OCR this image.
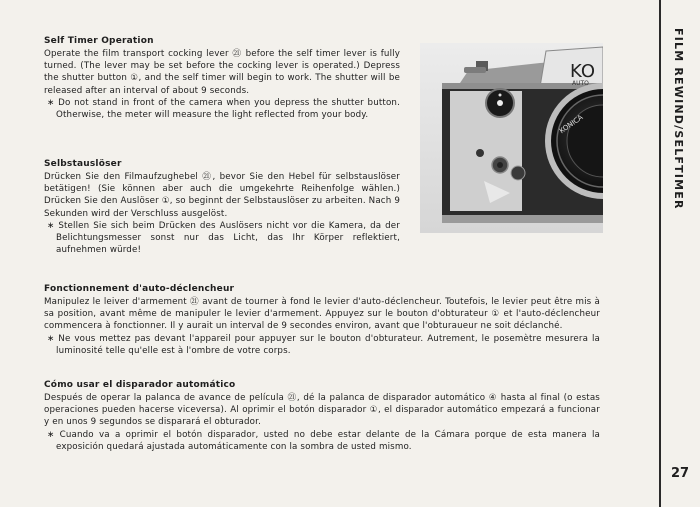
Self Timer Operation

Operate the film transport cocking lever ㉑ before the self timer lever is fully turned. (The lever may be set before the cocking lever is operated.) Depress the shutter button ①, and the self timer will begin to work. The shutter will be released after an interval of about 9 seconds.

∗ Do not stand in front of the camera when you depress the shutter button. Otherwise, the meter will measure the light reflected from your body.

Selbstauslöser

Drücken Sie den Filmaufzughebel ㉑, bevor Sie den Hebel für selbstauslöser betätigen! (Sie können aber auch die umgekehrte Reihenfolge wählen.) Drücken Sie den Auslöser ①, so beginnt der Selbstauslöser zu arbeiten. Nach 9 Sekunden wird der Verschluss ausgelöst.

∗ Stellen Sie sich beim Drücken des Auslösers nicht vor die Kamera, da der Belichtungsmesser sonst nur das Licht, das Ihr Körper reflektiert, aufnehmen würde!

Fonctionnement d'auto-déclencheur

Manipulez le leiver d'armement ㉑ avant de tourner à fond le levier d'auto-déclencheur. Toutefois, le levier peut être mis à sa position, avant même de manipuler le levier d'armement. Appuyez sur le bouton d'obturateur ① et l'auto-déclencheur commencera à fonctionner. Il y aurait un interval de 9 secondes environ, avant que l'obturaueur ne soit déclanché.

∗ Ne vous mettez pas devant l'appareil pour appuyer sur le bouton d'obturateur. Autrement, le posemètre mesurera la luminosité telle qu'elle est à l'ombre de votre corps.

Cómo usar el disparador automático

Después de operar la palanca de avance de película ㉑, dé la palanca de disparador automático ④ hasta al final (o estas operaciones pueden hacerse viceversa). Al oprimir el botón disparador ①, el disparador automático empezará a funcionar y en unos 9 segundos se disparará el obturador.

∗ Cuando va a oprimir el botón disparador, usted no debe estar delante de la Cámara porque de esta manera la exposición quedará ajustada automáticamente con la sombra de usted mismo.

KO
AUTO
KONICA	FILM REWIND/SELFTIMER
27
